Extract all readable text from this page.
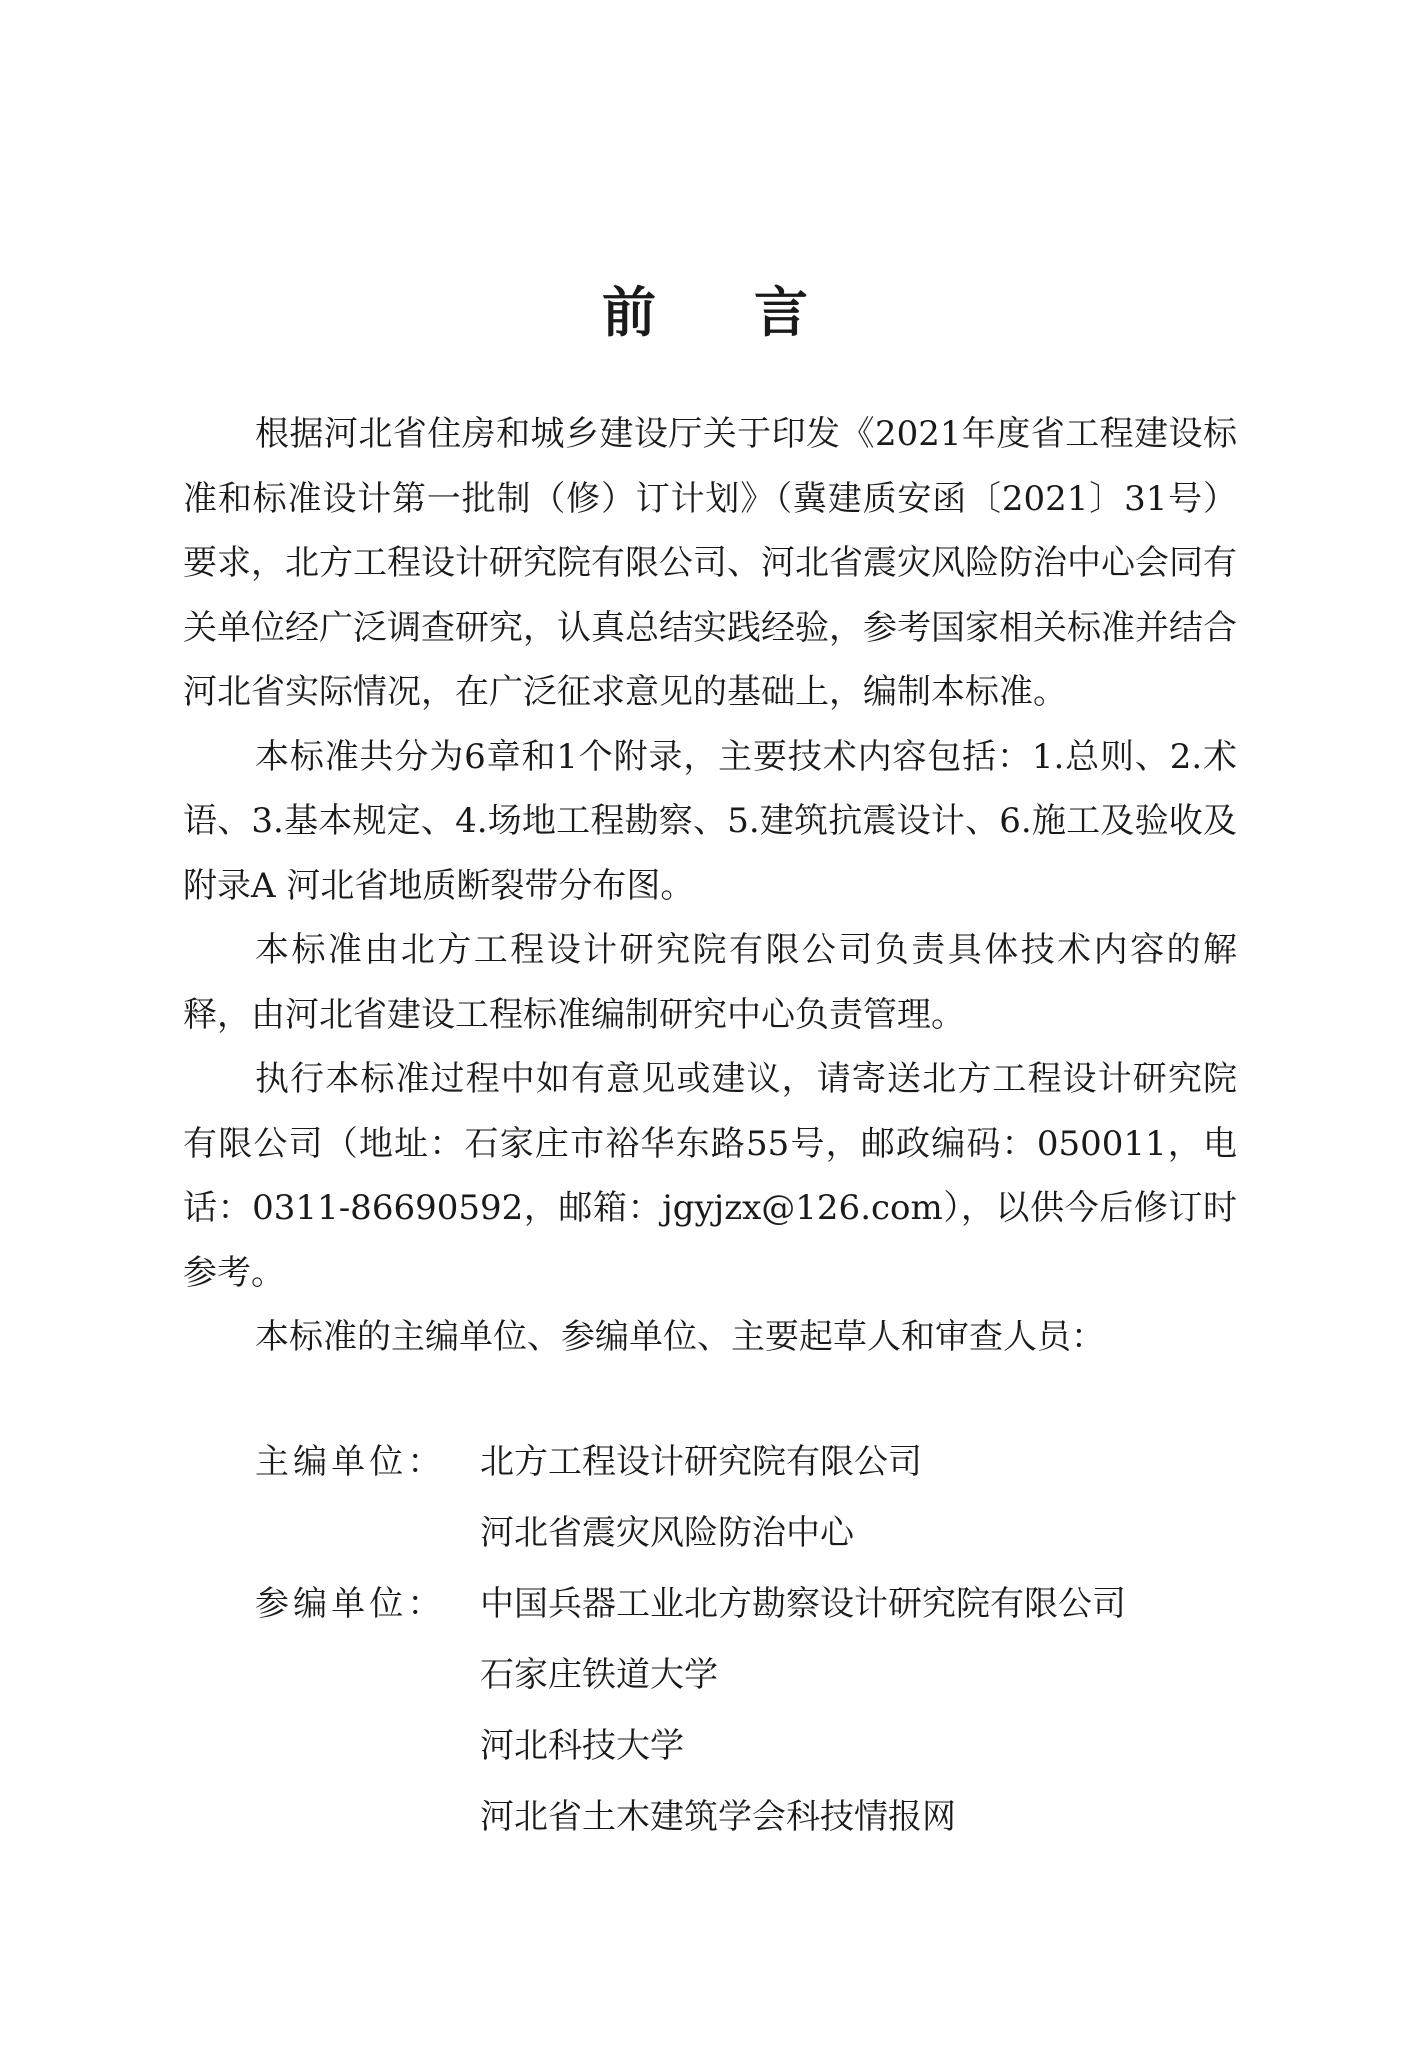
前 言

根据河北省住房和城乡建设厅关于印发《2021年度省工程建设标准和标准设计第一批制（修）订计划》（冀建质安函〔2021〕31号）要求，北方工程设计研究院有限公司、河北省震灾风险防治中心会同有关单位经广泛调查研究，认真总结实践经验，参考国家相关标准并结合河北省实际情况，在广泛征求意见的基础上，编制本标准。

本标准共分为6章和1个附录，主要技术内容包括：1.总则、2.术语、3.基本规定、4.场地工程勘察、5.建筑抗震设计、6.施工及验收及附录A 河北省地质断裂带分布图。

本标准由北方工程设计研究院有限公司负责具体技术内容的解释，由河北省建设工程标准编制研究中心负责管理。

执行本标准过程中如有意见或建议，请寄送北方工程设计研究院有限公司（地址：石家庄市裕华东路55号，邮政编码：050011，电话：0311-86690592，邮箱：jgyjzx@126.com），以供今后修订时参考。

本标准的主编单位、参编单位、主要起草人和审查人员：

主编单位：	北方工程设计研究院有限公司
河北省震灾风险防治中心
参编单位：	中国兵器工业北方勘察设计研究院有限公司
石家庄铁道大学
河北科技大学
河北省土木建筑学会科技情报网
